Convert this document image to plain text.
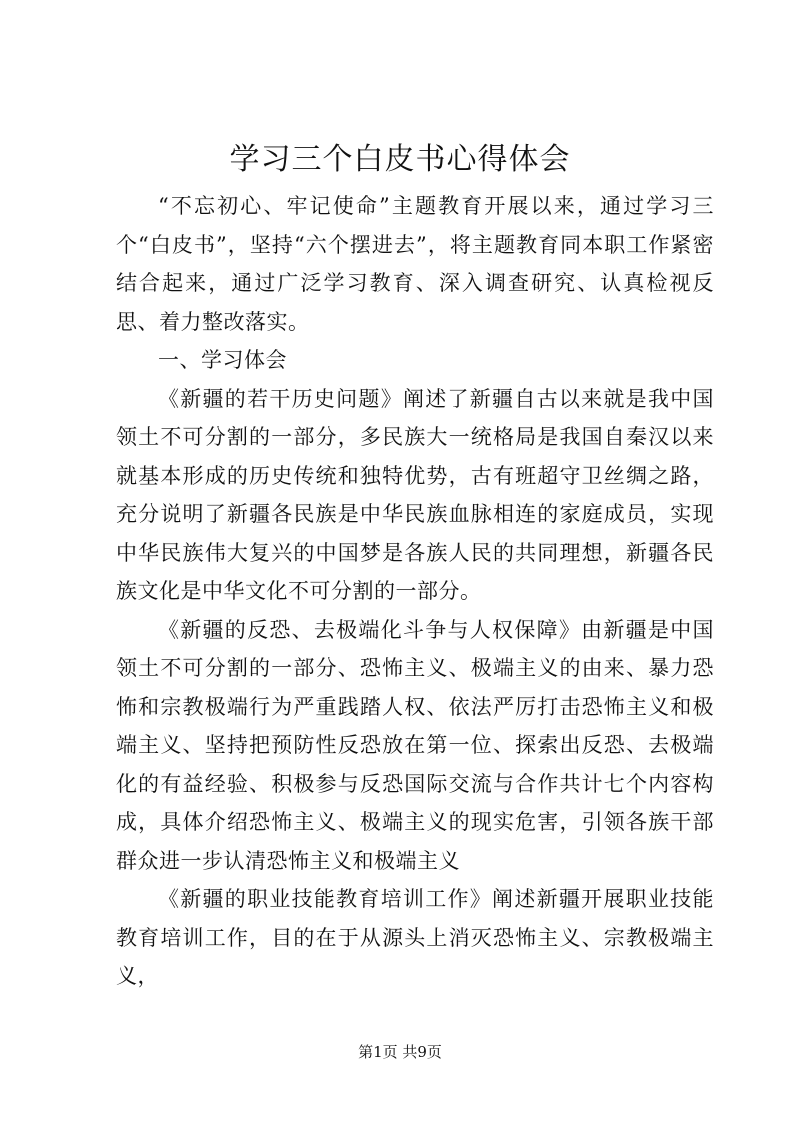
学习三个白皮书心得体会

“不忘初心、牢记使命”主题教育开展以来，通过学习三个“白皮书”，坚持“六个摆进去”，将主题教育同本职工作紧密结合起来，通过广泛学习教育、深入调查研究、认真检视反思、着力整改落实。

一、学习体会

《新疆的若干历史问题》阐述了新疆自古以来就是我中国领土不可分割的一部分，多民族大一统格局是我国自秦汉以来就基本形成的历史传统和独特优势，古有班超守卫丝绸之路，充分说明了新疆各民族是中华民族血脉相连的家庭成员，实现中华民族伟大复兴的中国梦是各族人民的共同理想，新疆各民族文化是中华文化不可分割的一部分。

《新疆的反恐、去极端化斗争与人权保障》由新疆是中国领土不可分割的一部分、恐怖主义、极端主义的由来、暴力恐怖和宗教极端行为严重践踏人权、依法严厉打击恐怖主义和极端主义、坚持把预防性反恐放在第一位、探索出反恐、去极端化的有益经验、积极参与反恐国际交流与合作共计七个内容构成，具体介绍恐怖主义、极端主义的现实危害，引领各族干部群众进一步认清恐怖主义和极端主义

《新疆的职业技能教育培训工作》阐述新疆开展职业技能教育培训工作，目的在于从源头上消灭恐怖主义、宗教极端主义，

第1页 共9页
